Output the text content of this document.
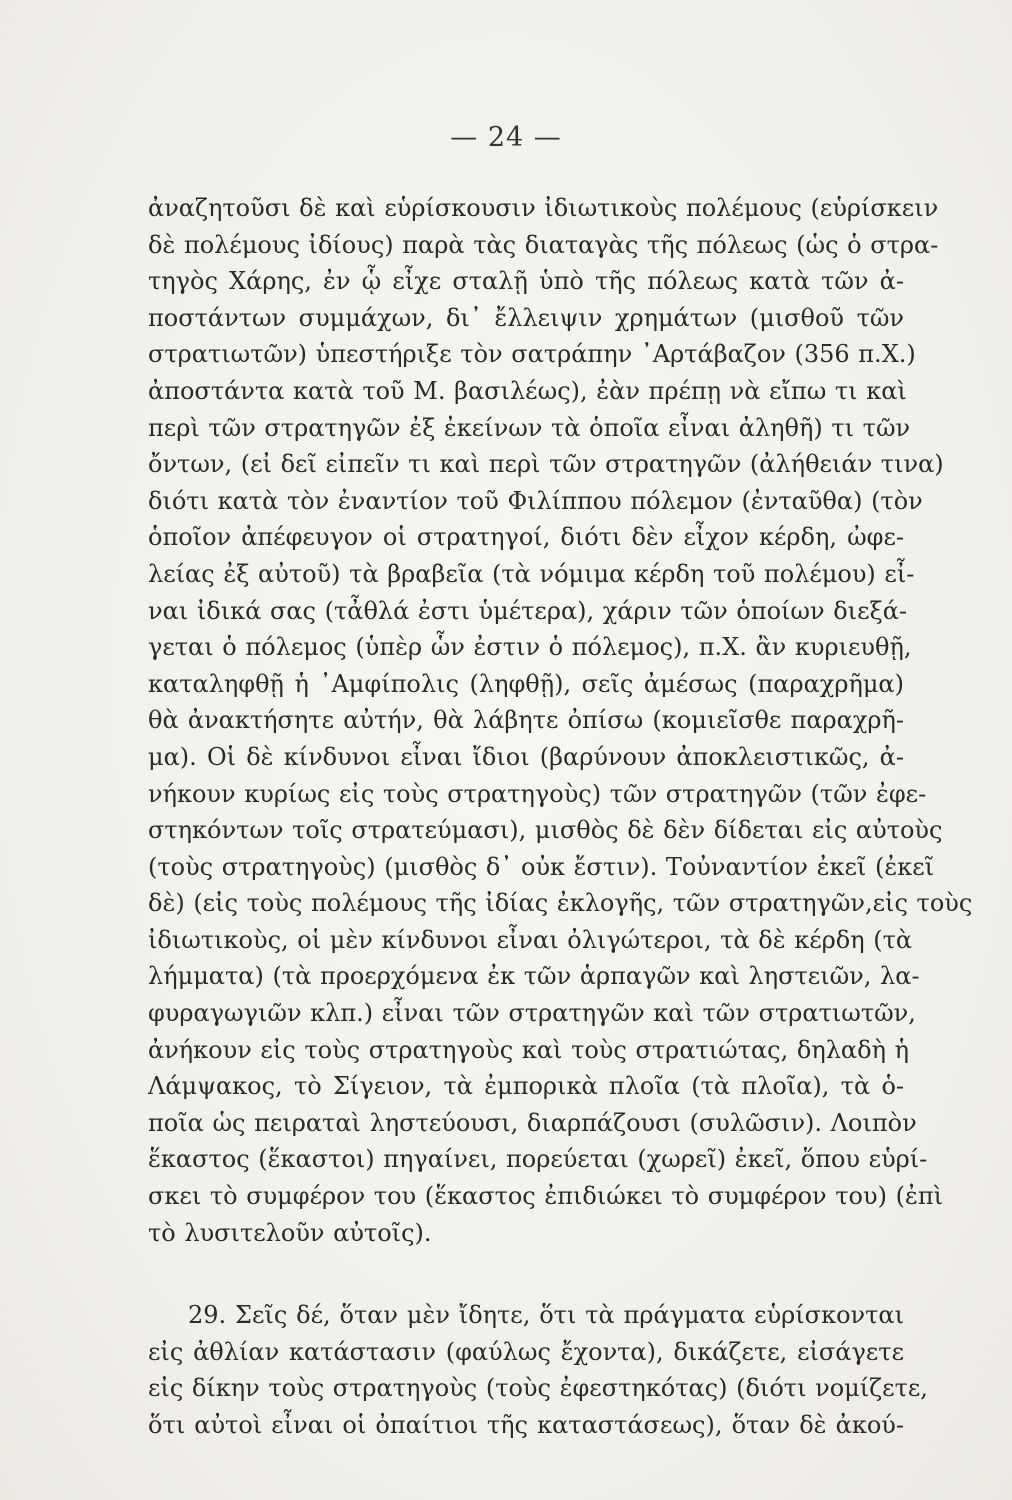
— 24 —
ἀναζητοῦσι δὲ καὶ εὑρίσκουσιν ἰδιωτικοὺς πολέμους (εὑρίσκειν
δὲ πολέμους ἰδίους) παρὰ τὰς διαταγὰς τῆς πόλεως (ὡς ὁ στρα-
τηγὸς Χάρης, ἐν ᾧ εἶχε σταλῇ ὑπὸ τῆς πόλεως κατὰ τῶν ἀ-
ποστάντων συμμάχων, δι᾽ ἔλλειψιν χρημάτων (μισθοῦ τῶν
στρατιωτῶν) ὑπεστήριξε τὸν σατράπην ᾽Αρτάβαζον (356 π.Χ.)
ἀποστάντα κατὰ τοῦ Μ. βασιλέως), ἐὰν πρέπῃ νὰ εἴπω τι καὶ
περὶ τῶν στρατηγῶν ἐξ ἐκείνων τὰ ὁποῖα εἶναι ἀληθῆ) τι τῶν
ὄντων, (εἰ δεῖ εἰπεῖν τι καὶ περὶ τῶν στρατηγῶν (ἀλήθειάν τινα)
διότι κατὰ τὸν ἐναντίον τοῦ Φιλίππου πόλεμον (ἐνταῦθα) (τὸν
ὁποῖον ἀπέφευγον οἱ στρατηγοί, διότι δὲν εἶχον κέρδη, ὠφε-
λείας ἐξ αὐτοῦ) τὰ βραβεῖα (τὰ νόμιμα κέρδη τοῦ πολέμου) εἶ-
ναι ἰδικά σας (τἆθλά ἐστι ὑμέτερα), χάριν τῶν ὁποίων διεξά-
γεται ὁ πόλεμος (ὑπὲρ ὧν ἐστιν ὁ πόλεμος), π.Χ. ἂν κυριευθῇ,
καταληφθῇ ἡ ᾽Αμφίπολις (ληφθῇ), σεῖς ἀμέσως (παραχρῆμα)
θὰ ἀνακτήσητε αὐτήν, θὰ λάβητε ὀπίσω (κομιεῖσθε παραχρῆ-
μα). Οἱ δὲ κίνδυνοι εἶναι ἴδιοι (βαρύνουν ἀποκλειστικῶς, ἀ-
νήκουν κυρίως εἰς τοὺς στρατηγοὺς) τῶν στρατηγῶν (τῶν ἐφε-
στηκόντων τοῖς στρατεύμασι), μισθὸς δὲ δὲν δίδεται εἰς αὐτοὺς
(τοὺς στρατηγοὺς) (μισθὸς δ᾽ οὐκ ἔστιν). Τοὐναντίον ἐκεῖ (ἐκεῖ
δὲ) (εἰς τοὺς πολέμους τῆς ἰδίας ἐκλογῆς, τῶν στρατηγῶν,εἰς τοὺς
ἰδιωτικοὺς, οἱ μὲν κίνδυνοι εἶναι ὀλιγώτεροι, τὰ δὲ κέρδη (τὰ
λήμματα) (τὰ προερχόμενα ἐκ τῶν ἁρπαγῶν καὶ ληστειῶν, λα-
φυραγωγιῶν κλπ.) εἶναι τῶν στρατηγῶν καὶ τῶν στρατιωτῶν,
ἀνήκουν εἰς τοὺς στρατηγοὺς καὶ τοὺς στρατιώτας, δηλαδὴ ἡ
Λάμψακος, τὸ Σίγειον, τὰ ἐμπορικὰ πλοῖα (τὰ πλοῖα), τὰ ὁ-
ποῖα ὡς πειραταὶ ληστεύουσι, διαρπάζουσι (συλῶσιν). Λοιπὸν
ἕκαστος (ἕκαστοι) πηγαίνει, πορεύεται (χωρεῖ) ἐκεῖ, ὅπου εὑρί-
σκει τὸ συμφέρον του (ἕκαστος ἐπιδιώκει τὸ συμφέρον του) (ἐπὶ
τὸ λυσιτελοῦν αὐτοῖς).
29. Σεῖς δέ, ὅταν μὲν ἴδητε, ὅτι τὰ πράγματα εὑρίσκονται
εἰς ἀθλίαν κατάστασιν (φαύλως ἔχοντα), δικάζετε, εἰσάγετε
εἰς δίκην τοὺς στρατηγοὺς (τοὺς ἐφεστηκότας) (διότι νομίζετε,
ὅτι αὐτοὶ εἶναι οἱ ὀπαίτιοι τῆς καταστάσεως), ὅταν δὲ ἀκού-
